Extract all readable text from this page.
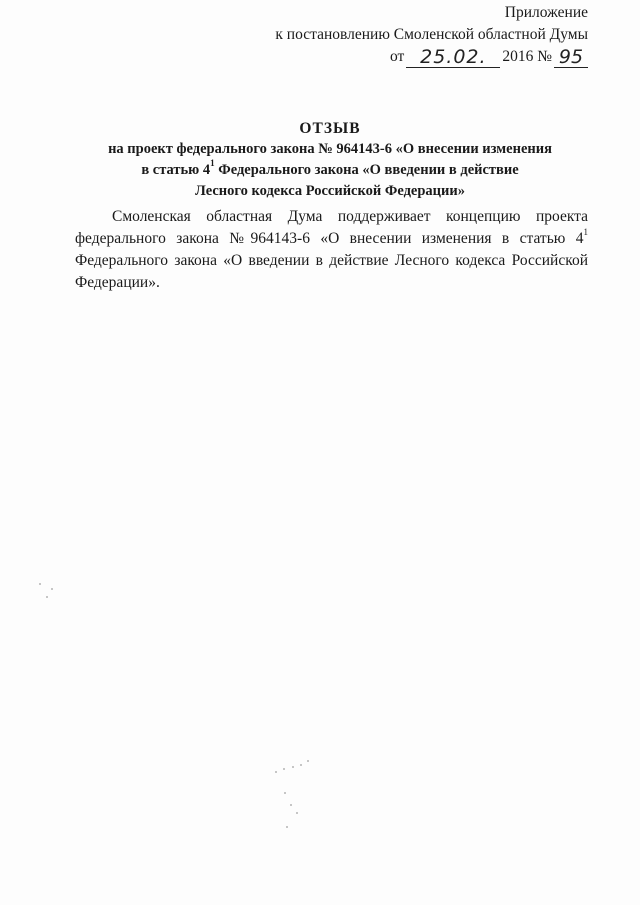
Приложение
к постановлению Смоленской областной Думы
от 25.02.	2016 № 95
ОТЗЫВ
на проект федерального закона № 964143-6 «О внесении изменения
в статью $4^1$ Федерального закона «О введении в действие
Лесного кодекса Российской Федерации»
Смоленская областная Дума поддерживает концепцию проекта федерального закона №964143-6 «О внесении изменения в статью $4^1$ Федерального закона «О введении в действие Лесного кодекса Российской Федерации».
